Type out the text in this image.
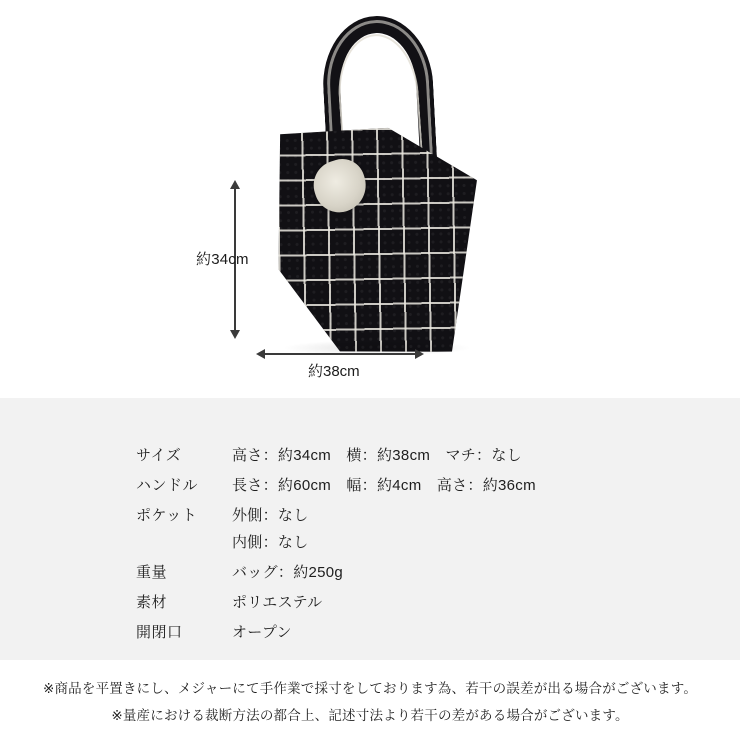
約34cm
約38cm
サイズ	高さ：約34cm　横：約38cm　マチ：なし
ハンドル	長さ：約60cm　幅：約4cm　高さ：約36cm
ポケット	外側：なし
	内側：なし
重量	バッグ：約250g
素材	ポリエステル
開閉口	オープン
※商品を平置きにし、メジャーにて手作業で採寸をしております為、若干の誤差が出る場合がございます。
※量産における裁断方法の都合上、記述寸法より若干の差がある場合がございます。
